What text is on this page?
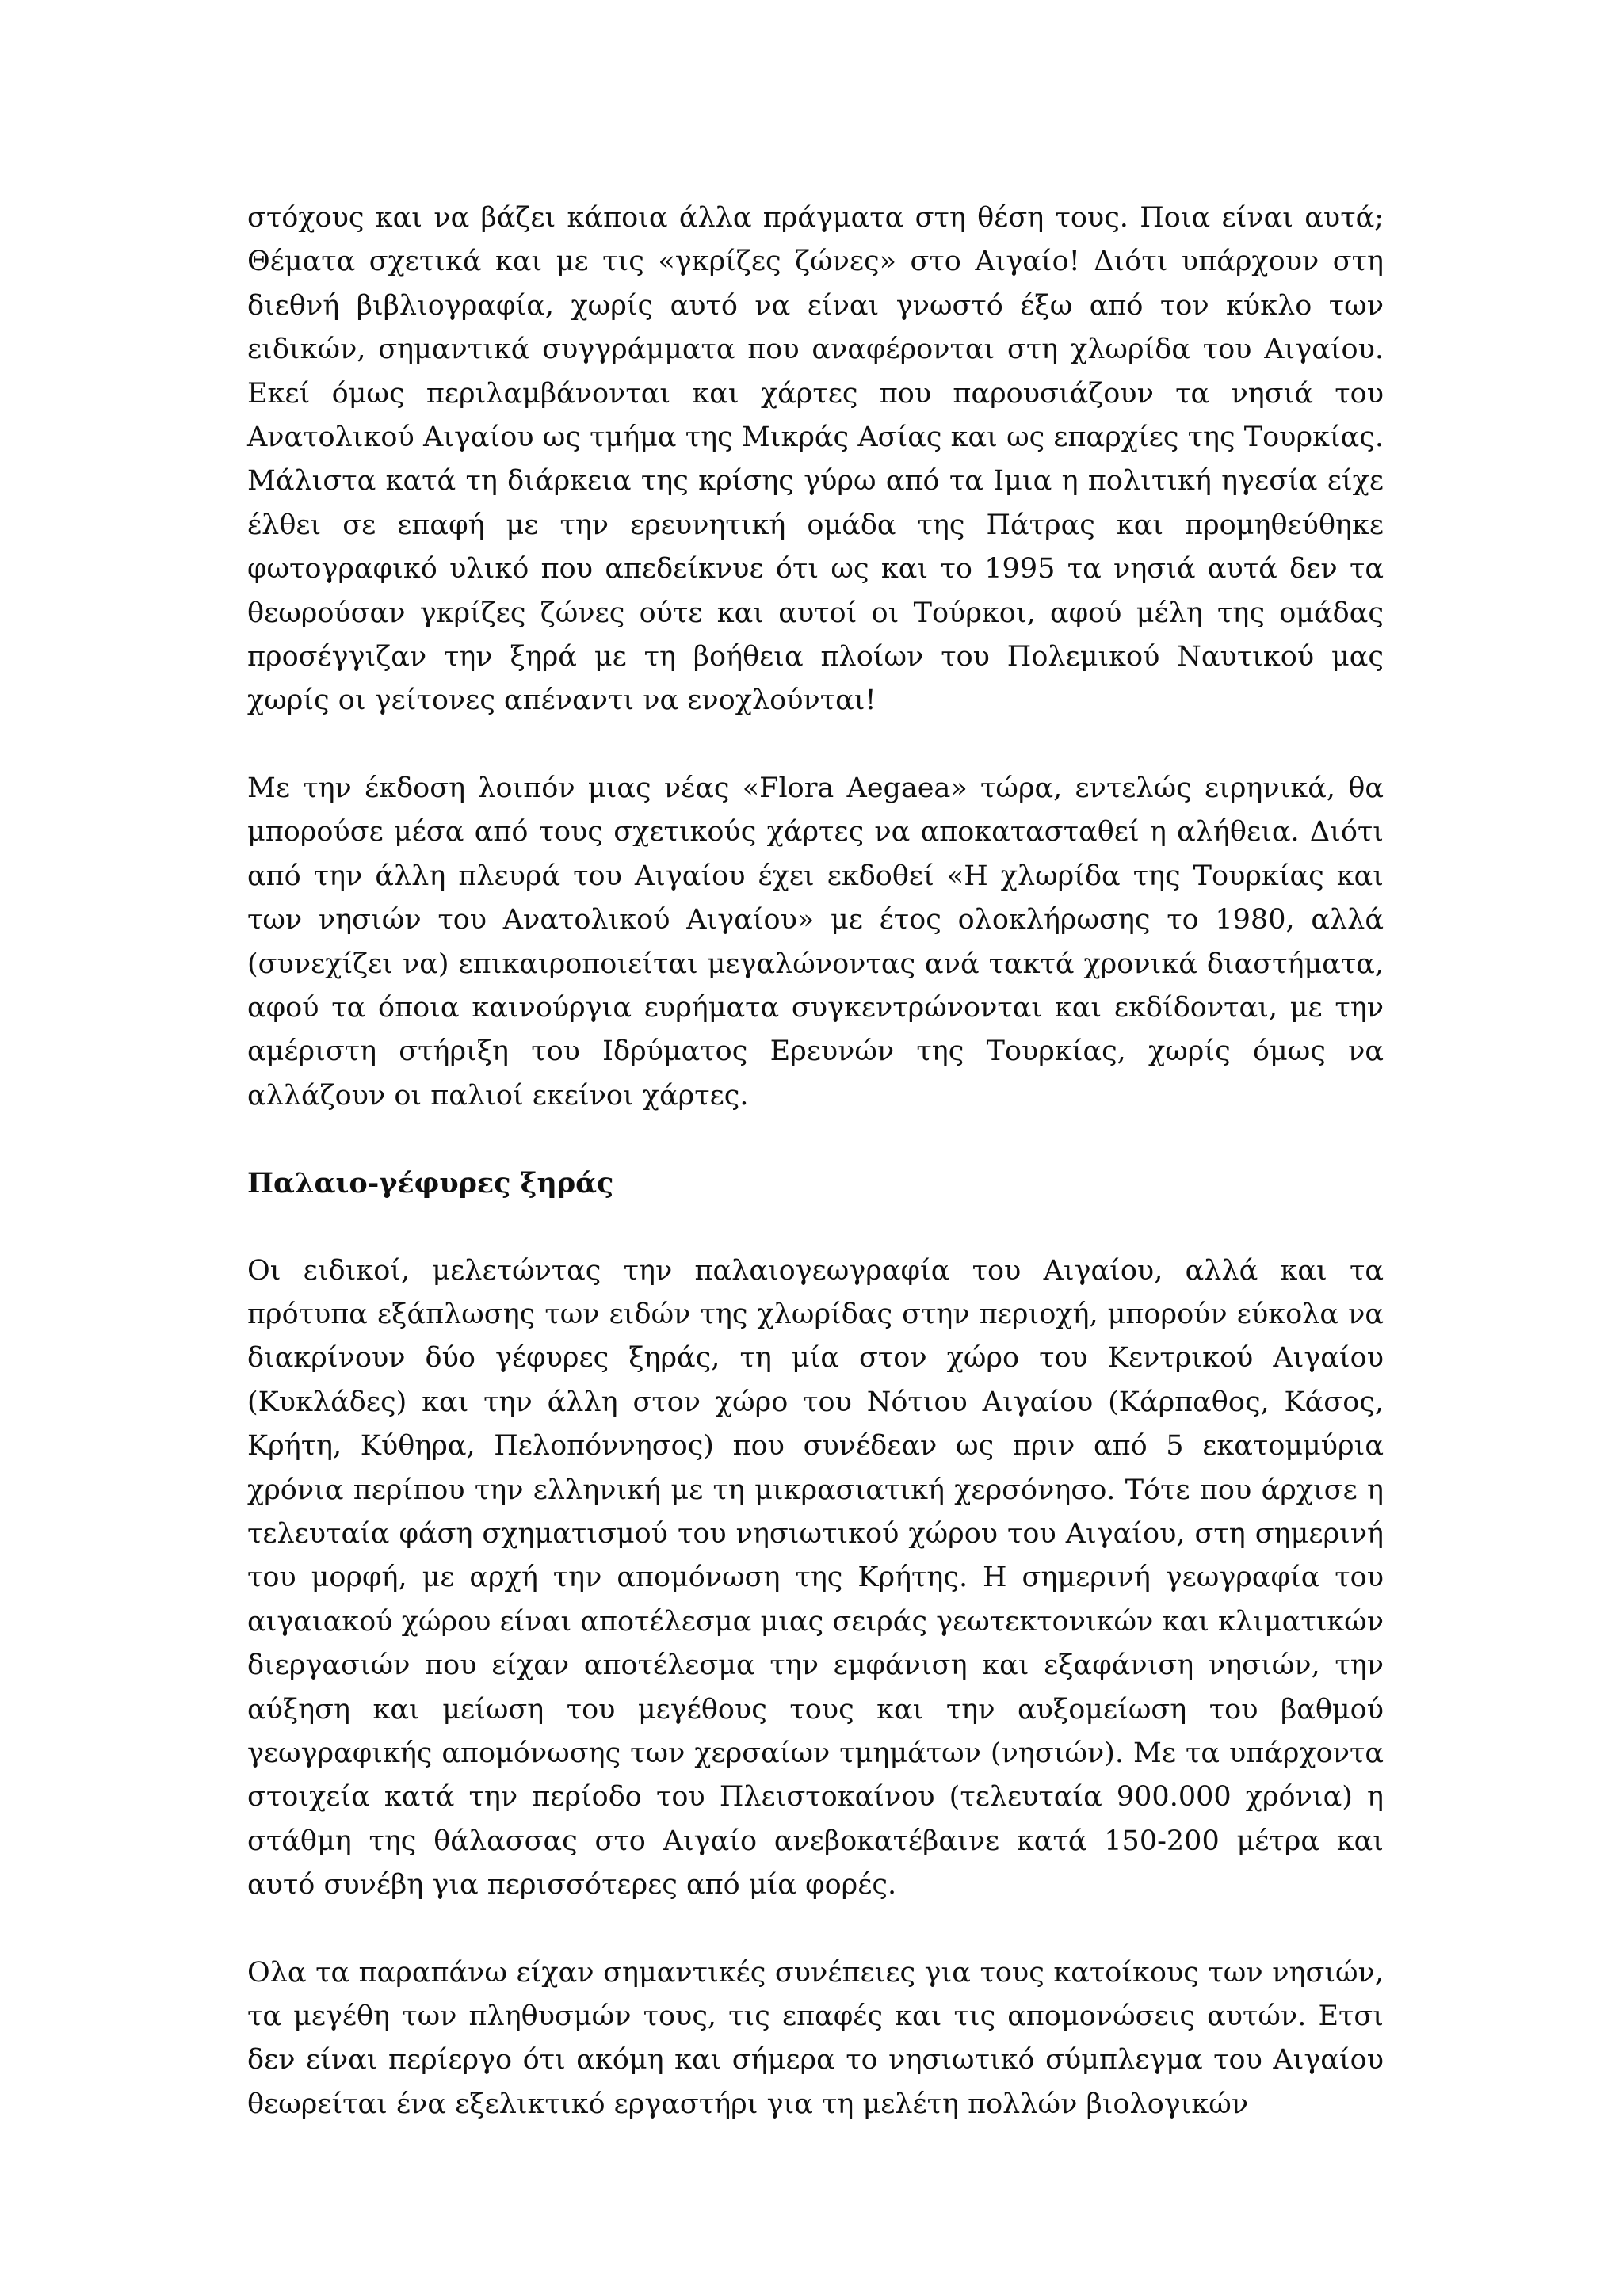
στόχους και να βάζει κάποια άλλα πράγματα στη θέση τους. Ποια είναι αυτά; Θέματα σχετικά και με τις «γκρίζες ζώνες» στο Αιγαίο! Διότι υπάρχουν στη διεθνή βιβλιογραφία, χωρίς αυτό να είναι γνωστό έξω από τον κύκλο των ειδικών, σημαντικά συγγράμματα που αναφέρονται στη χλωρίδα του Αιγαίου. Εκεί όμως περιλαμβάνονται και χάρτες που παρουσιάζουν τα νησιά του Ανατολικού Αιγαίου ως τμήμα της Μικράς Ασίας και ως επαρχίες της Τουρκίας. Μάλιστα κατά τη διάρκεια της κρίσης γύρω από τα Ιμια η πολιτική ηγεσία είχε έλθει σε επαφή με την ερευνητική ομάδα της Πάτρας και προμηθεύθηκε φωτογραφικό υλικό που απεδείκνυε ότι ως και το 1995 τα νησιά αυτά δεν τα θεωρούσαν γκρίζες ζώνες ούτε και αυτοί οι Τούρκοι, αφού μέλη της ομάδας προσέγγιζαν την ξηρά με τη βοήθεια πλοίων του Πολεμικού Ναυτικού μας χωρίς οι γείτονες απέναντι να ενοχλούνται!

Με την έκδοση λοιπόν μιας νέας «Flora Aegaea» τώρα, εντελώς ειρηνικά, θα μπορούσε μέσα από τους σχετικούς χάρτες να αποκατασταθεί η αλήθεια. Διότι από την άλλη πλευρά του Αιγαίου έχει εκδοθεί «Η χλωρίδα της Τουρκίας και των νησιών του Ανατολικού Αιγαίου» με έτος ολοκλήρωσης το 1980, αλλά (συνεχίζει να) επικαιροποιείται μεγαλώνοντας ανά τακτά χρονικά διαστήματα, αφού τα όποια καινούργια ευρήματα συγκεντρώνονται και εκδίδονται, με την αμέριστη στήριξη του Ιδρύματος Ερευνών της Τουρκίας, χωρίς όμως να αλλάζουν οι παλιοί εκείνοι χάρτες.

Παλαιο-γέφυρες ξηράς

Οι ειδικοί, μελετώντας την παλαιογεωγραφία του Αιγαίου, αλλά και τα πρότυπα εξάπλωσης των ειδών της χλωρίδας στην περιοχή, μπορούν εύκολα να διακρίνουν δύο γέφυρες ξηράς, τη μία στον χώρο του Κεντρικού Αιγαίου (Κυκλάδες) και την άλλη στον χώρο του Νότιου Αιγαίου (Κάρπαθος, Κάσος, Κρήτη, Κύθηρα, Πελοπόννησος) που συνέδεαν ως πριν από 5 εκατομμύρια χρόνια περίπου την ελληνική με τη μικρασιατική χερσόνησο. Τότε που άρχισε η τελευταία φάση σχηματισμού του νησιωτικού χώρου του Αιγαίου, στη σημερινή του μορφή, με αρχή την απομόνωση της Κρήτης. Η σημερινή γεωγραφία του αιγαιακού χώρου είναι αποτέλεσμα μιας σειράς γεωτεκτονικών και κλιματικών διεργασιών που είχαν αποτέλεσμα την εμφάνιση και εξαφάνιση νησιών, την αύξηση και μείωση του μεγέθους τους και την αυξομείωση του βαθμού γεωγραφικής απομόνωσης των χερσαίων τμημάτων (νησιών). Με τα υπάρχοντα στοιχεία κατά την περίοδο του Πλειστοκαίνου (τελευταία 900.000 χρόνια) η στάθμη της θάλασσας στο Αιγαίο ανεβοκατέβαινε κατά 150-200 μέτρα και αυτό συνέβη για περισσότερες από μία φορές.

Ολα τα παραπάνω είχαν σημαντικές συνέπειες για τους κατοίκους των νησιών, τα μεγέθη των πληθυσμών τους, τις επαφές και τις απομονώσεις αυτών. Ετσι δεν είναι περίεργο ότι ακόμη και σήμερα το νησιωτικό σύμπλεγμα του Αιγαίου θεωρείται ένα εξελικτικό εργαστήρι για τη μελέτη πολλών βιολογικών
